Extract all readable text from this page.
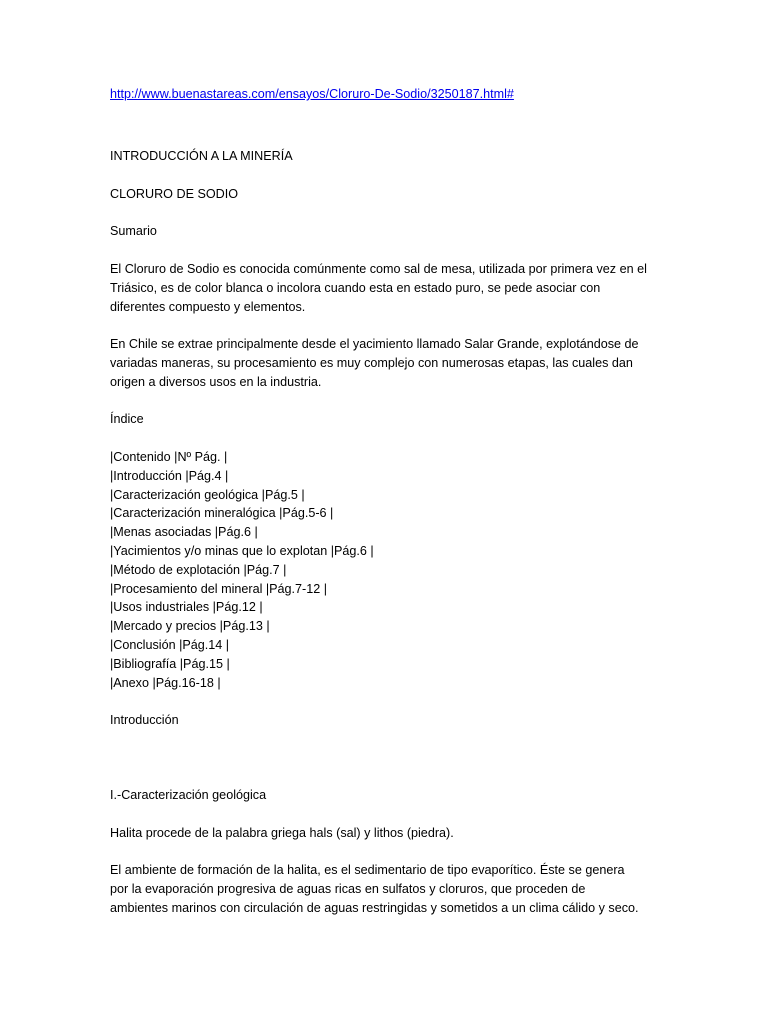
http://www.buenastareas.com/ensayos/Cloruro-De-Sodio/3250187.html#
INTRODUCCIÓN A LA MINERÍA
CLORURO DE SODIO
Sumario
El Cloruro de Sodio es conocida comúnmente como sal de mesa, utilizada por primera vez en el
Triásico, es de color blanca o incolora cuando esta en estado puro, se pede asociar con
diferentes compuesto y elementos.
En Chile se extrae principalmente desde el yacimiento llamado Salar Grande, explotándose de
variadas maneras, su procesamiento es muy complejo con numerosas etapas, las cuales dan
origen a diversos usos en la industria.
Índice
|Contenido |Nº Pág. |
|Introducción |Pág.4 |
|Caracterización geológica |Pág.5 |
|Caracterización mineralógica |Pág.5-6 |
|Menas asociadas |Pág.6 |
|Yacimientos y/o minas que lo explotan |Pág.6 |
|Método de explotación |Pág.7 |
|Procesamiento del mineral |Pág.7-12 |
|Usos industriales |Pág.12 |
|Mercado y precios |Pág.13 |
|Conclusión |Pág.14 |
|Bibliografía |Pág.15 |
|Anexo |Pág.16-18 |
Introducción
I.-Caracterización geológica
Halita procede de la palabra griega hals (sal) y lithos (piedra).
El ambiente de formación de la halita, es el sedimentario de tipo evaporítico. Éste se genera
por la evaporación progresiva de aguas ricas en sulfatos y cloruros, que proceden de
ambientes marinos con circulación de aguas restringidas y sometidos a un clima cálido y seco.
